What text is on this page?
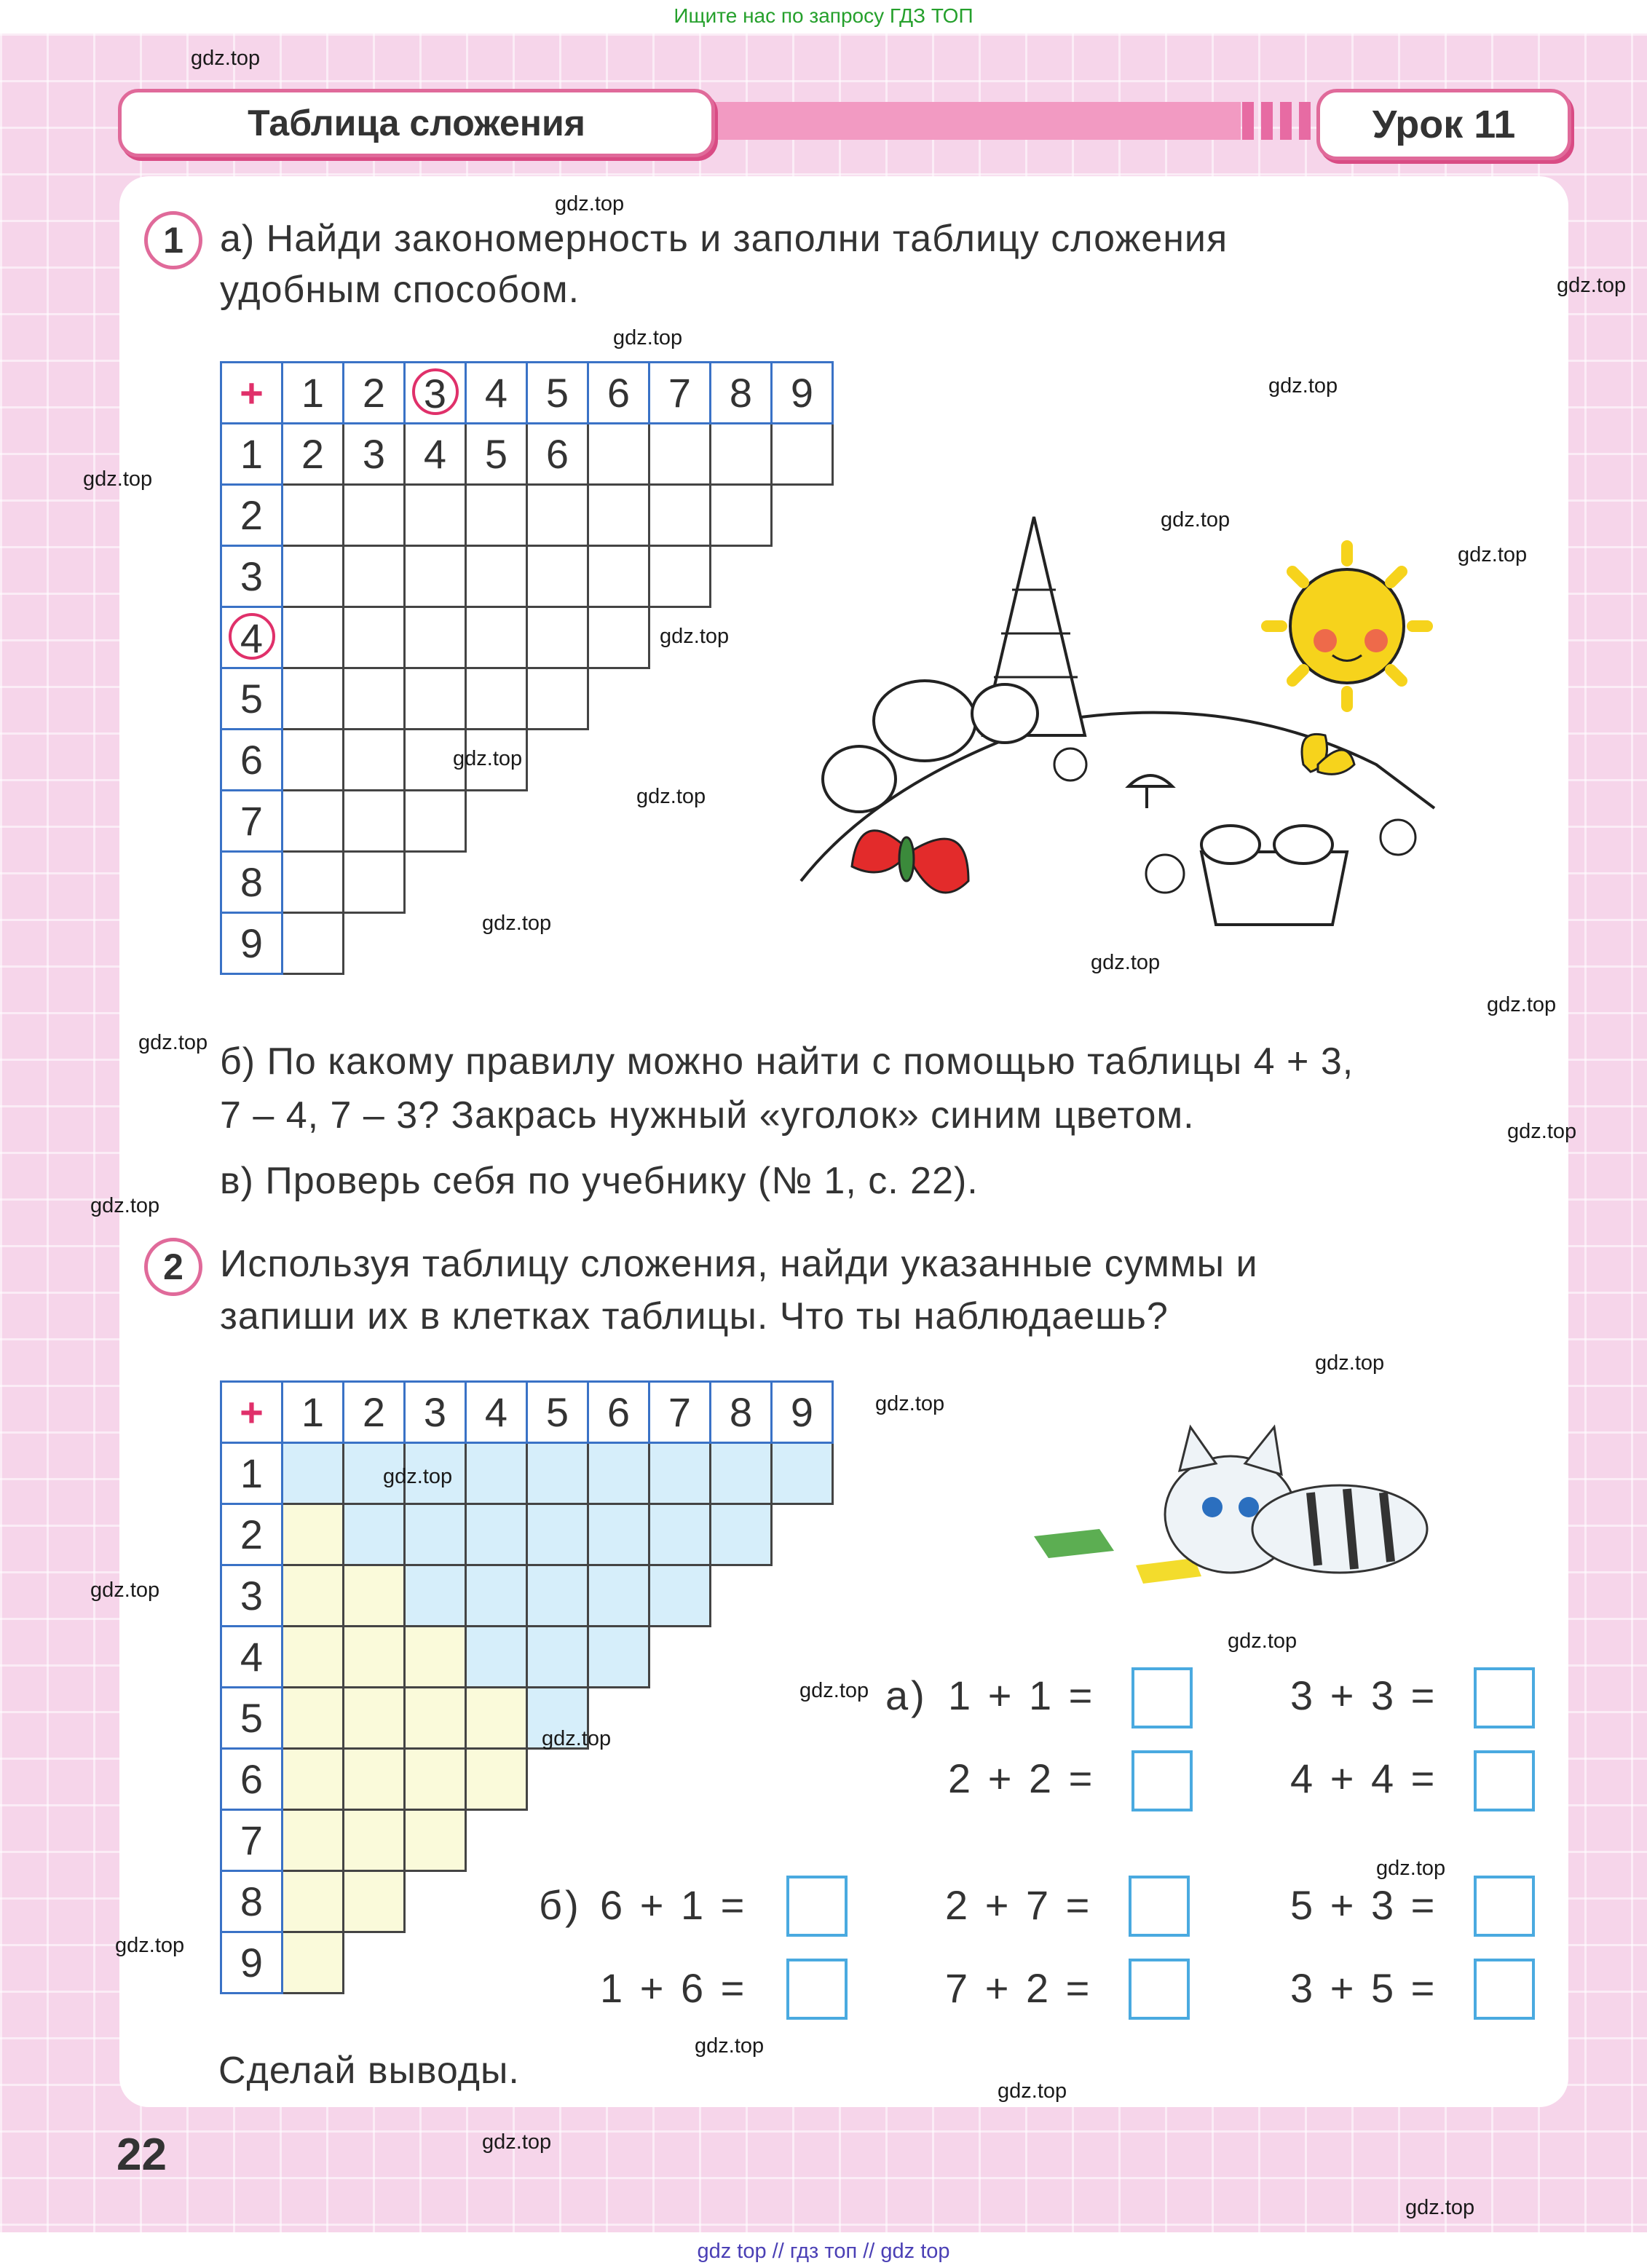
Ищите нас по запросу ГДЗ ТОП
Таблица сложения	Урок 11
1 а) Найди закономерность и заполни таблицу сложения
удобным способом.
+	1	2	3	4	5	6	7	8	9
1	2	3	4	5	6				
2									
3									
4									
5									
6									
7									
8									
9									
б) По какому правилу можно найти с помощью таблицы 4 + 3,
7 – 4, 7 – 3? Закрась нужный «уголок» синим цветом.
в) Проверь себя по учебнику (№ 1, с. 22).
2 Используя таблицу сложения, найди указанные суммы и
запиши их в клетках таблицы. Что ты наблюдаешь?
+	1	2	3	4	5	6	7	8	9
1									
2									
3									
4									
5									
6									
7									
8									
9									
а) 1 + 1 =	3 + 3 =
2 + 2 =	4 + 4 =
б) 6 + 1 =	2 + 7 =	5 + 3 =
1 + 6 =	7 + 2 =	3 + 5 =
Сделай выводы.
22
gdz.top
gdz.top
gdz.top
gdz.top
gdz.top
gdz.top
gdz.top
gdz.top
gdz.top
gdz.top
gdz.top
gdz.top
gdz.top
gdz.top
gdz.top
gdz.top
gdz.top
gdz.top
gdz.top
gdz.top
gdz.top
gdz.top
gdz.top
gdz.top
gdz.top
gdz.top
gdz.top
gdz.top
gdz.top
gdz.top
gdz top // гдз топ // gdz top
